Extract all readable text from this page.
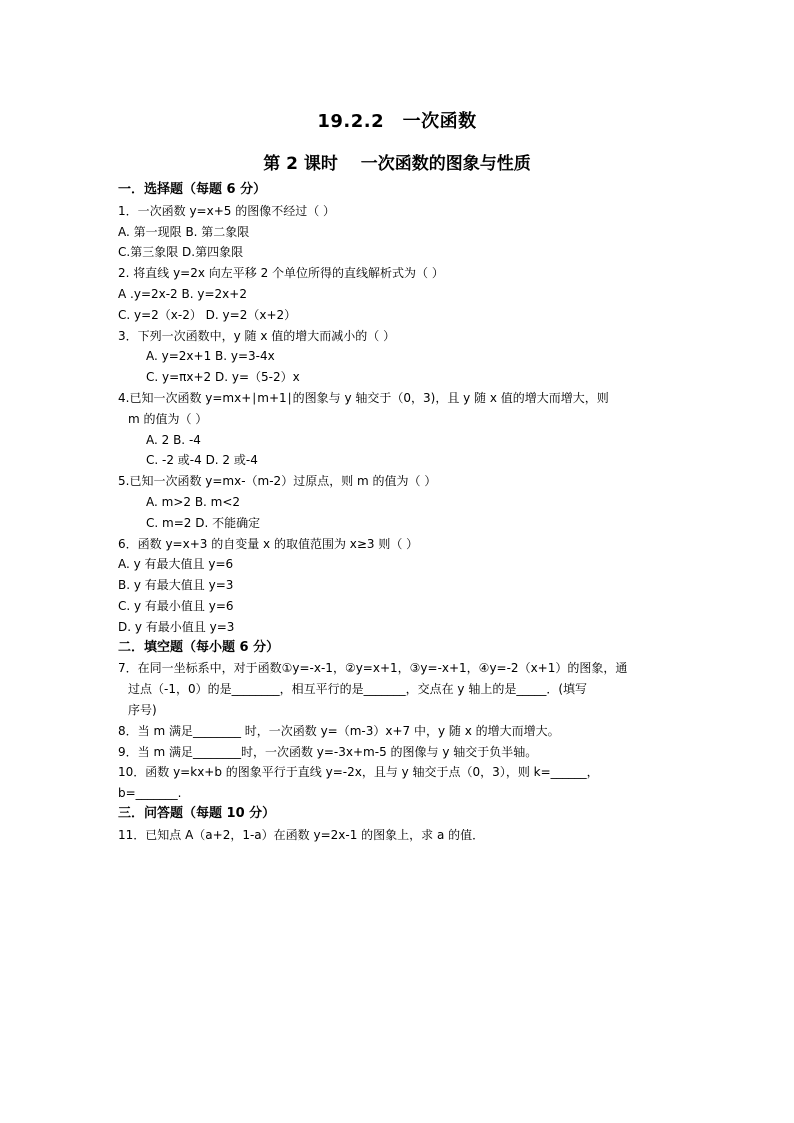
19.2.2　一次函数
第 2 课时　 一次函数的图象与性质
一．选择题（每题 6 分）
1．一次函数 y=x+5 的图像不经过（ ）
A. 第一现限 B. 第二象限
C.第三象限 D.第四象限
2. 将直线 y=2x 向左平移 2 个单位所得的直线解析式为（ ）
A .y=2x-2 B. y=2x+2
C. y=2（x-2） D. y=2（x+2）
3．下列一次函数中，y 随 x 值的增大而减小的（ ）
A. y=2x+1 B. y=3-4x
C. y=πx+2 D. y=（5-2）x
4.已知一次函数 y=mx+∣m+1∣的图象与 y 轴交于（0，3)，且 y 随 x 值的增大而增大，则
m 的值为（ ）
A. 2 B. -4
C. -2 或-4 D. 2 或-4
5.已知一次函数 y=mx-（m-2）过原点，则 m 的值为（ ）
A. m>2 B. m<2
C. m=2 D. 不能确定
6．函数 y=x+3 的自变量 x 的取值范围为 x≥3 则（ ）
A. y 有最大值且 y=6
B. y 有最大值且 y=3
C. y 有最小值且 y=6
D. y 有最小值且 y=3
二．填空题（每小题 6 分）
7．在同一坐标系中，对于函数①y=-x-1，②y=x+1，③y=-x+1，④y=-2（x+1）的图象，通
过点（-1，0）的是________，相互平行的是_______，交点在 y 轴上的是_____．(填写
序号)
8．当 m 满足________ 时，一次函数 y=（m-3）x+7 中，y 随 x 的增大而增大。
9．当 m 满足________时，一次函数 y=-3x+m-5 的图像与 y 轴交于负半轴。
10．函数 y=kx+b 的图象平行于直线 y=-2x，且与 y 轴交于点（0，3），则 k=______，
b=_______.
三．问答题（每题 10 分）
11．已知点 A（a+2，1-a）在函数 y=2x-1 的图象上，求 a 的值．
